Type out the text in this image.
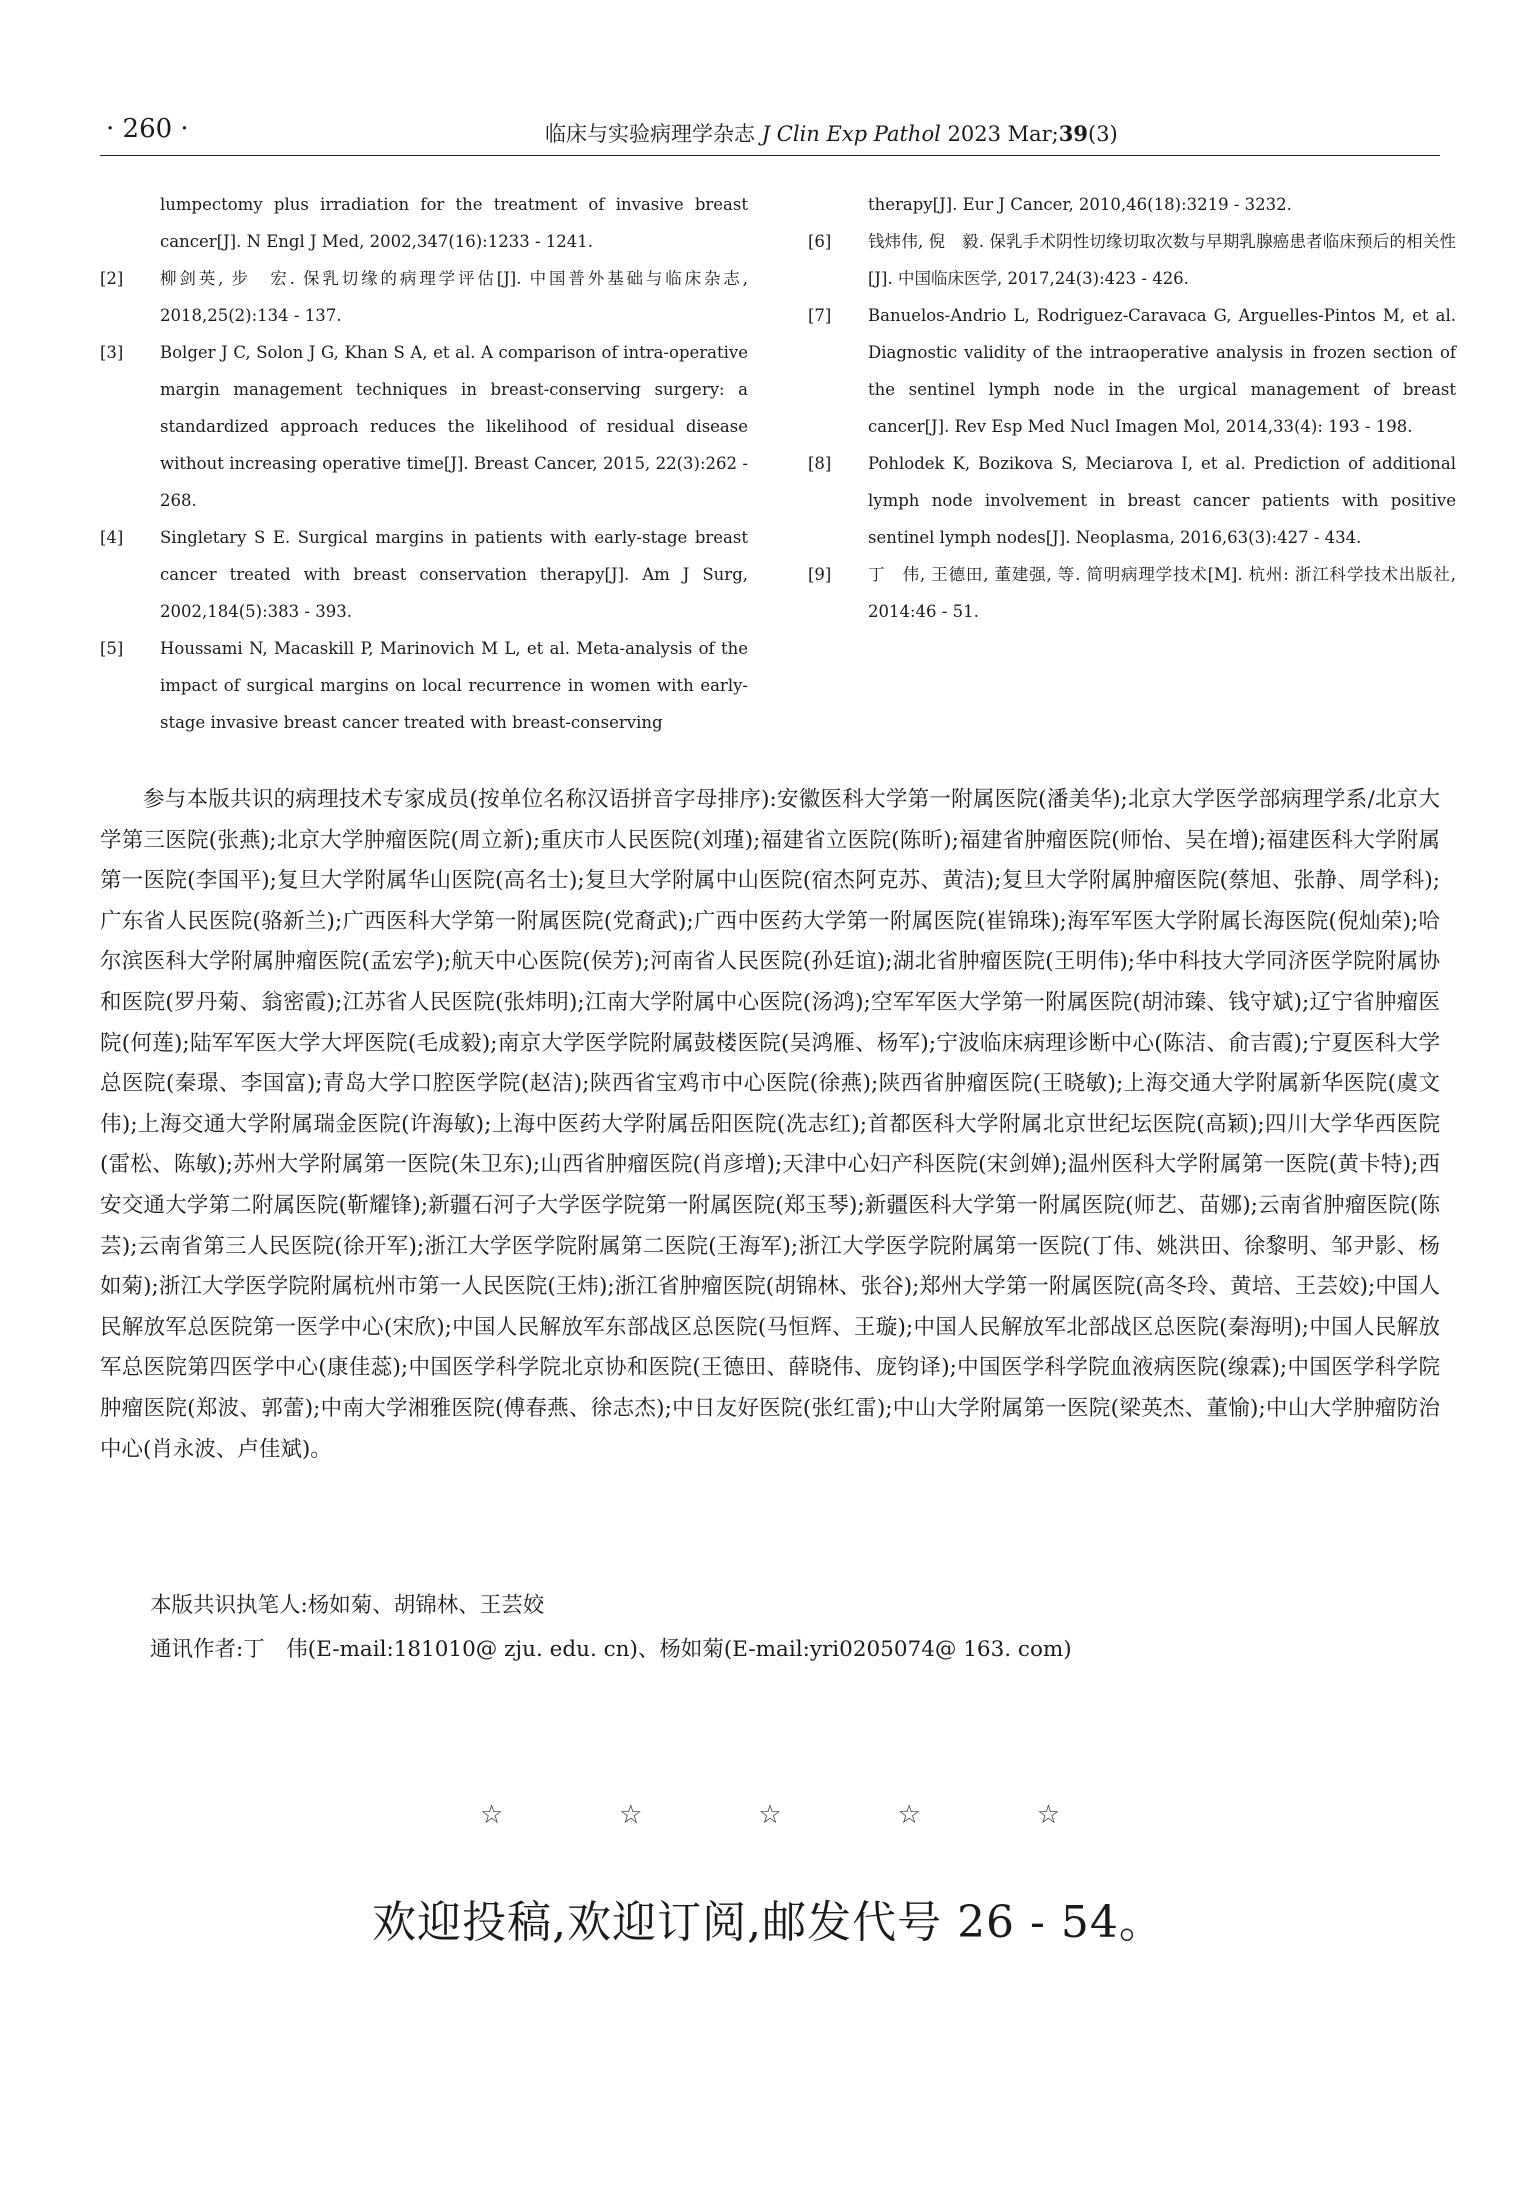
· 260 ·	临床与实验病理学杂志 J Clin Exp Pathol 2023 Mar;39(3)

lumpectomy plus irradiation for the treatment of invasive breast cancer[J]. N Engl J Med, 2002,347(16):1233 - 1241.

[2]	柳剑英, 步　宏. 保乳切缘的病理学评估[J]. 中国普外基础与临床杂志, 2018,25(2):134 - 137.

[3]	Bolger J C, Solon J G, Khan S A, et al. A comparison of intra-operative margin management techniques in breast-conserving surgery: a standardized approach reduces the likelihood of residual disease without increasing operative time[J]. Breast Cancer, 2015, 22(3):262 - 268.

[4]	Singletary S E. Surgical margins in patients with early-stage breast cancer treated with breast conservation therapy[J]. Am J Surg, 2002,184(5):383 - 393.

[5]	Houssami N, Macaskill P, Marinovich M L, et al. Meta-analysis of the impact of surgical margins on local recurrence in women with early-stage invasive breast cancer treated with breast-conserving

therapy[J]. Eur J Cancer, 2010,46(18):3219 - 3232.

[6]	钱炜伟, 倪　毅. 保乳手术阴性切缘切取次数与早期乳腺癌患者临床预后的相关性[J]. 中国临床医学, 2017,24(3):423 - 426.

[7]	Banuelos-Andrio L, Rodriguez-Caravaca G, Arguelles-Pintos M, et al. Diagnostic validity of the intraoperative analysis in frozen section of the sentinel lymph node in the urgical management of breast cancer[J]. Rev Esp Med Nucl Imagen Mol, 2014,33(4): 193 - 198.

[8]	Pohlodek K, Bozikova S, Meciarova I, et al. Prediction of additional lymph node involvement in breast cancer patients with positive sentinel lymph nodes[J]. Neoplasma, 2016,63(3):427 - 434.

[9]	丁　伟, 王德田, 董建强, 等. 简明病理学技术[M]. 杭州: 浙江科学技术出版社, 2014:46 - 51.

参与本版共识的病理技术专家成员(按单位名称汉语拼音字母排序):安徽医科大学第一附属医院(潘美华);北京大学医学部病理学系/北京大学第三医院(张燕);北京大学肿瘤医院(周立新);重庆市人民医院(刘瑾);福建省立医院(陈昕);福建省肿瘤医院(师怡、吴在增);福建医科大学附属第一医院(李国平);复旦大学附属华山医院(高名士);复旦大学附属中山医院(宿杰阿克苏、黄洁);复旦大学附属肿瘤医院(蔡旭、张静、周学科);广东省人民医院(骆新兰);广西医科大学第一附属医院(党裔武);广西中医药大学第一附属医院(崔锦珠);海军军医大学附属长海医院(倪灿荣);哈尔滨医科大学附属肿瘤医院(孟宏学);航天中心医院(侯芳);河南省人民医院(孙廷谊);湖北省肿瘤医院(王明伟);华中科技大学同济医学院附属协和医院(罗丹菊、翁密霞);江苏省人民医院(张炜明);江南大学附属中心医院(汤鸿);空军军医大学第一附属医院(胡沛臻、钱守斌);辽宁省肿瘤医院(何莲);陆军军医大学大坪医院(毛成毅);南京大学医学院附属鼓楼医院(吴鸿雁、杨军);宁波临床病理诊断中心(陈洁、俞吉霞);宁夏医科大学总医院(秦璟、李国富);青岛大学口腔医学院(赵洁);陕西省宝鸡市中心医院(徐燕);陕西省肿瘤医院(王晓敏);上海交通大学附属新华医院(虞文伟);上海交通大学附属瑞金医院(许海敏);上海中医药大学附属岳阳医院(冼志红);首都医科大学附属北京世纪坛医院(高颖);四川大学华西医院(雷松、陈敏);苏州大学附属第一医院(朱卫东);山西省肿瘤医院(肖彦增);天津中心妇产科医院(宋剑婵);温州医科大学附属第一医院(黄卡特);西安交通大学第二附属医院(靳耀锋);新疆石河子大学医学院第一附属医院(郑玉琴);新疆医科大学第一附属医院(师艺、苗娜);云南省肿瘤医院(陈芸);云南省第三人民医院(徐开军);浙江大学医学院附属第二医院(王海军);浙江大学医学院附属第一医院(丁伟、姚洪田、徐黎明、邹尹影、杨如菊);浙江大学医学院附属杭州市第一人民医院(王炜);浙江省肿瘤医院(胡锦林、张谷);郑州大学第一附属医院(高冬玲、黄培、王芸姣);中国人民解放军总医院第一医学中心(宋欣);中国人民解放军东部战区总医院(马恒辉、王璇);中国人民解放军北部战区总医院(秦海明);中国人民解放军总医院第四医学中心(康佳蕊);中国医学科学院北京协和医院(王德田、薛晓伟、庞钧译);中国医学科学院血液病医院(缐霖);中国医学科学院肿瘤医院(郑波、郭蕾);中南大学湘雅医院(傅春燕、徐志杰);中日友好医院(张红雷);中山大学附属第一医院(梁英杰、董愉);中山大学肿瘤防治中心(肖永波、卢佳斌)。

本版共识执笔人:杨如菊、胡锦林、王芸姣

通讯作者:丁　伟(E-mail:181010@ zju. edu. cn)、杨如菊(E-mail:yri0205074@ 163. com)

☆	☆	☆	☆	☆
欢迎投稿,欢迎订阅,邮发代号 26 - 54。
